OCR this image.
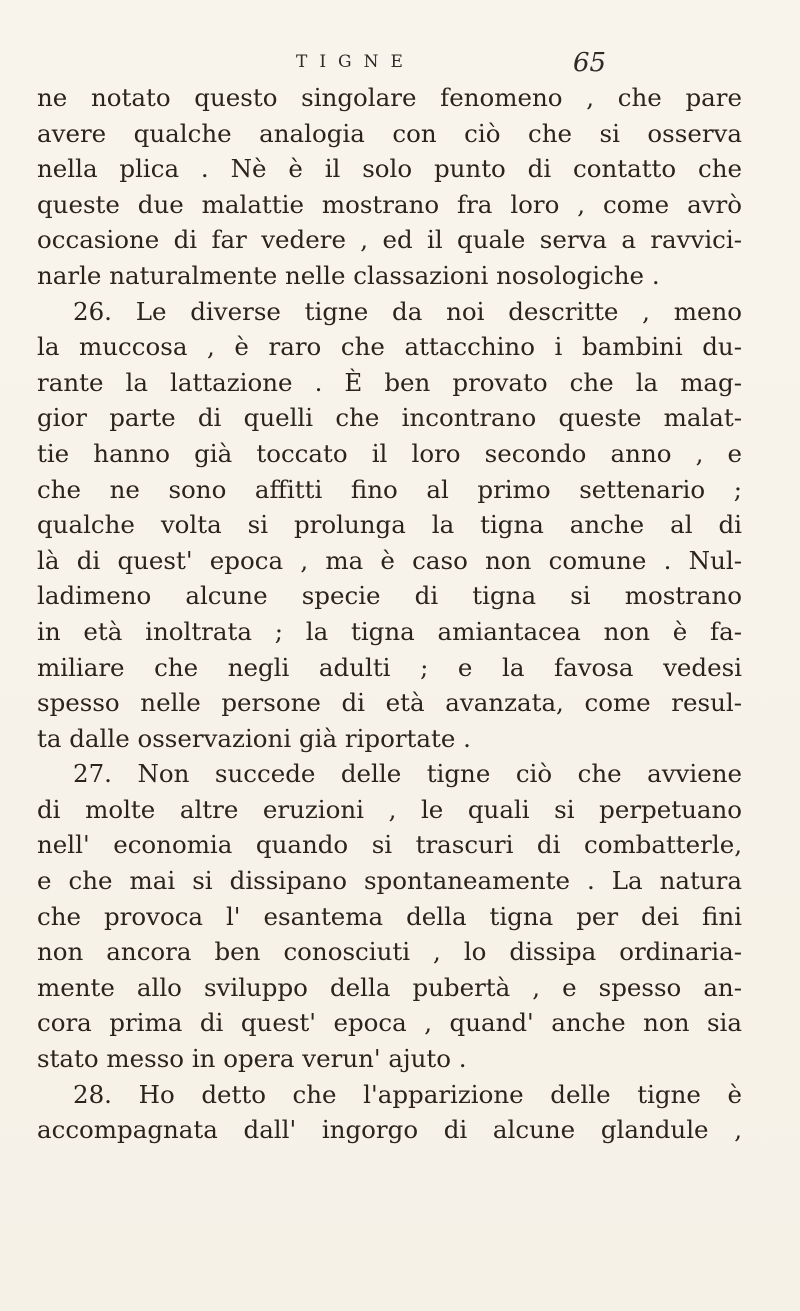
TIGNE	65
ne notato questo singolare fenomeno , che pare
avere qualche analogia con ciò che si osserva
nella plica . Nè è il solo punto di contatto che
queste due malattie mostrano fra loro , come avrò
occasione di far vedere , ed il quale serva a ravvici-
narle naturalmente nelle classazioni nosologiche .
26. Le diverse tigne da noi descritte , meno
la muccosa , è raro che attacchino i bambini du-
rante la lattazione . È ben provato che la mag-
gior parte di quelli che incontrano queste malat-
tie hanno già toccato il loro secondo anno , e
che ne sono affitti fino al primo settenario ;
qualche volta si prolunga la tigna anche al di
là di quest' epoca , ma è caso non comune . Nul-
ladimeno alcune specie di tigna si mostrano
in età inoltrata ; la tigna amiantacea non è fa-
miliare che negli adulti ; e la favosa vedesi
spesso nelle persone di età avanzata, come resul-
ta dalle osservazioni già riportate .
27. Non succede delle tigne ciò che avviene
di molte altre eruzioni , le quali si perpetuano
nell' economia quando si trascuri di combatterle,
e che mai si dissipano spontaneamente . La natura
che provoca l' esantema della tigna per dei fini
non ancora ben conosciuti , lo dissipa ordinaria-
mente allo sviluppo della pubertà , e spesso an-
cora prima di quest' epoca , quand' anche non sia
stato messo in opera verun' ajuto .
28. Ho detto che l'apparizione delle tigne è
accompagnata dall' ingorgo di alcune glandule ,
